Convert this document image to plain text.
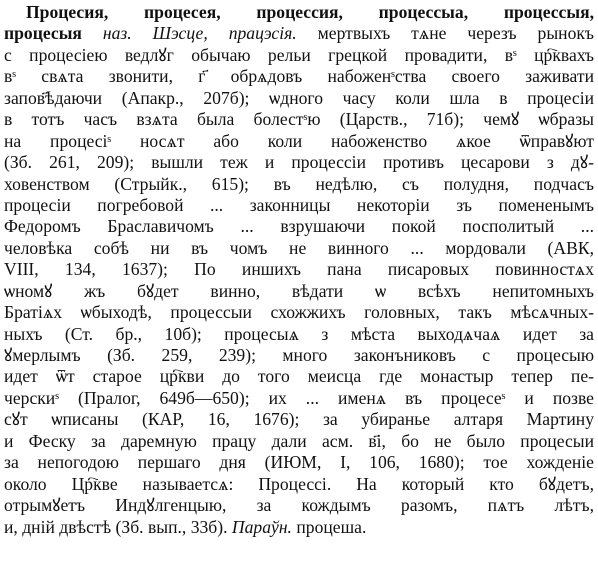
Процесия, процесея, процессия, процессыа, процессыя,
процесыя наз. Шэсце, працэсія. мертвыхъ тѧне черезъ рынокъ
с процесіею ведлꙋг обычаю рельи грецкой провадити, вˢ цр҇квахъ
вˢ свѧта звонити, г҃ обрѧдовъ набоженˢства своего заживати
запов҃ѣдаючи (Апакр., 207б); ѡдного часу коли шла в процесіи
в тотъ часъ взѧта была болестˢю (Царств., 71б); чемꙋ ѡбразы
на процесіˢ носѧт або коли набоженство ѧкое ѿправꙋют
(Зб. 261, 209); вышли теж и процессіи противъ цесарови з дꙋ-
ховенством (Стрыйк., 615); въ недѣлю, съ полудня, подчасъ
процесіи погребовой ... законницы некоторіи зъ помененымъ
Федоромъ Браславичомъ ... взрушаючи покой посполитый ...
человѣка собѣ ни въ чомъ не винного ... мордовали (АВК,
VIII, 134, 1637); По иншихъ пана писаровых повинностѧх
ѡномꙋ жъ бꙋдет винно, вѣдати ѡ всѣхъ непитомныхъ
Братіѧх ѡбыходѣ, процессыи схожжихъ головных, такъ мѣсѧчных-
ныхъ (Ст. бр., 10б); процесыѧ з мѣста выходѧчаѧ идет за
ꙋмерлымъ (Зб. 259, 239); много законъниковъ с процесыю
идет ѿт старое цр҇кви до того меисца где монастыр тепер пе-
черскиˢ (Пралог, 649б—650); их ... именѧ въ процесеˢ и позве
сꙋт ѡписаны (КАР, 16, 1676); за убиранье алтаря Мартину
и Феску за даремную працу дали асм. в҃і, бо не было процесыи
за непогодою першаго дня (ИЮМ, I, 106, 1680); тое хожденіе
около Цр҇кве называетсѧ: Процессі. На который кто бꙋдетъ,
отрымꙋетъ Индꙋлгенцыю, за кождымъ разомъ, пѧтъ лѣтъ,
и, дній двѣстѣ (Зб. вып., 33б). Параўн. процеша.
